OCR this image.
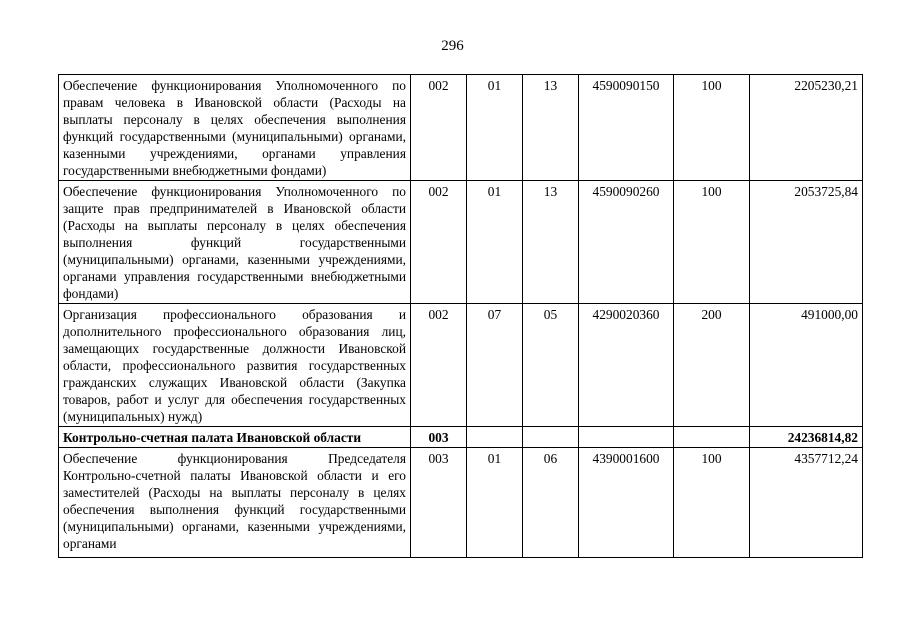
296
Обеспечение функционирования Уполномоченного по правам человека в Ивановской области (Расходы на выплаты персоналу в целях обеспечения выполнения функций государственными (муниципальными) органами, казенными учреждениями, органами управления государственными внебюджетными фондами)	002	01	13	4590090150	100	2205230,21
Обеспечение функционирования Уполномоченного по защите прав предпринимателей в Ивановской области (Расходы на выплаты персоналу в целях обеспечения выполнения функций государственными (муниципальными) органами, казенными учреждениями, органами управления государственными внебюджетными фондами)	002	01	13	4590090260	100	2053725,84
Организация профессионального образования и дополнительного профессионального образования лиц, замещающих государственные должности Ивановской области, профессионального развития государственных гражданских служащих Ивановской области (Закупка товаров, работ и услуг для обеспечения государственных (муниципальных) нужд)	002	07	05	4290020360	200	491000,00
Контрольно-счетная палата Ивановской области	003					24236814,82
Обеспечение функционирования Председателя Контрольно-счетной палаты Ивановской области и его заместителей (Расходы на выплаты персоналу в целях обеспечения выполнения функций государственными (муниципальными) органами, казенными учреждениями, органами	003	01	06	4390001600	100	4357712,24
